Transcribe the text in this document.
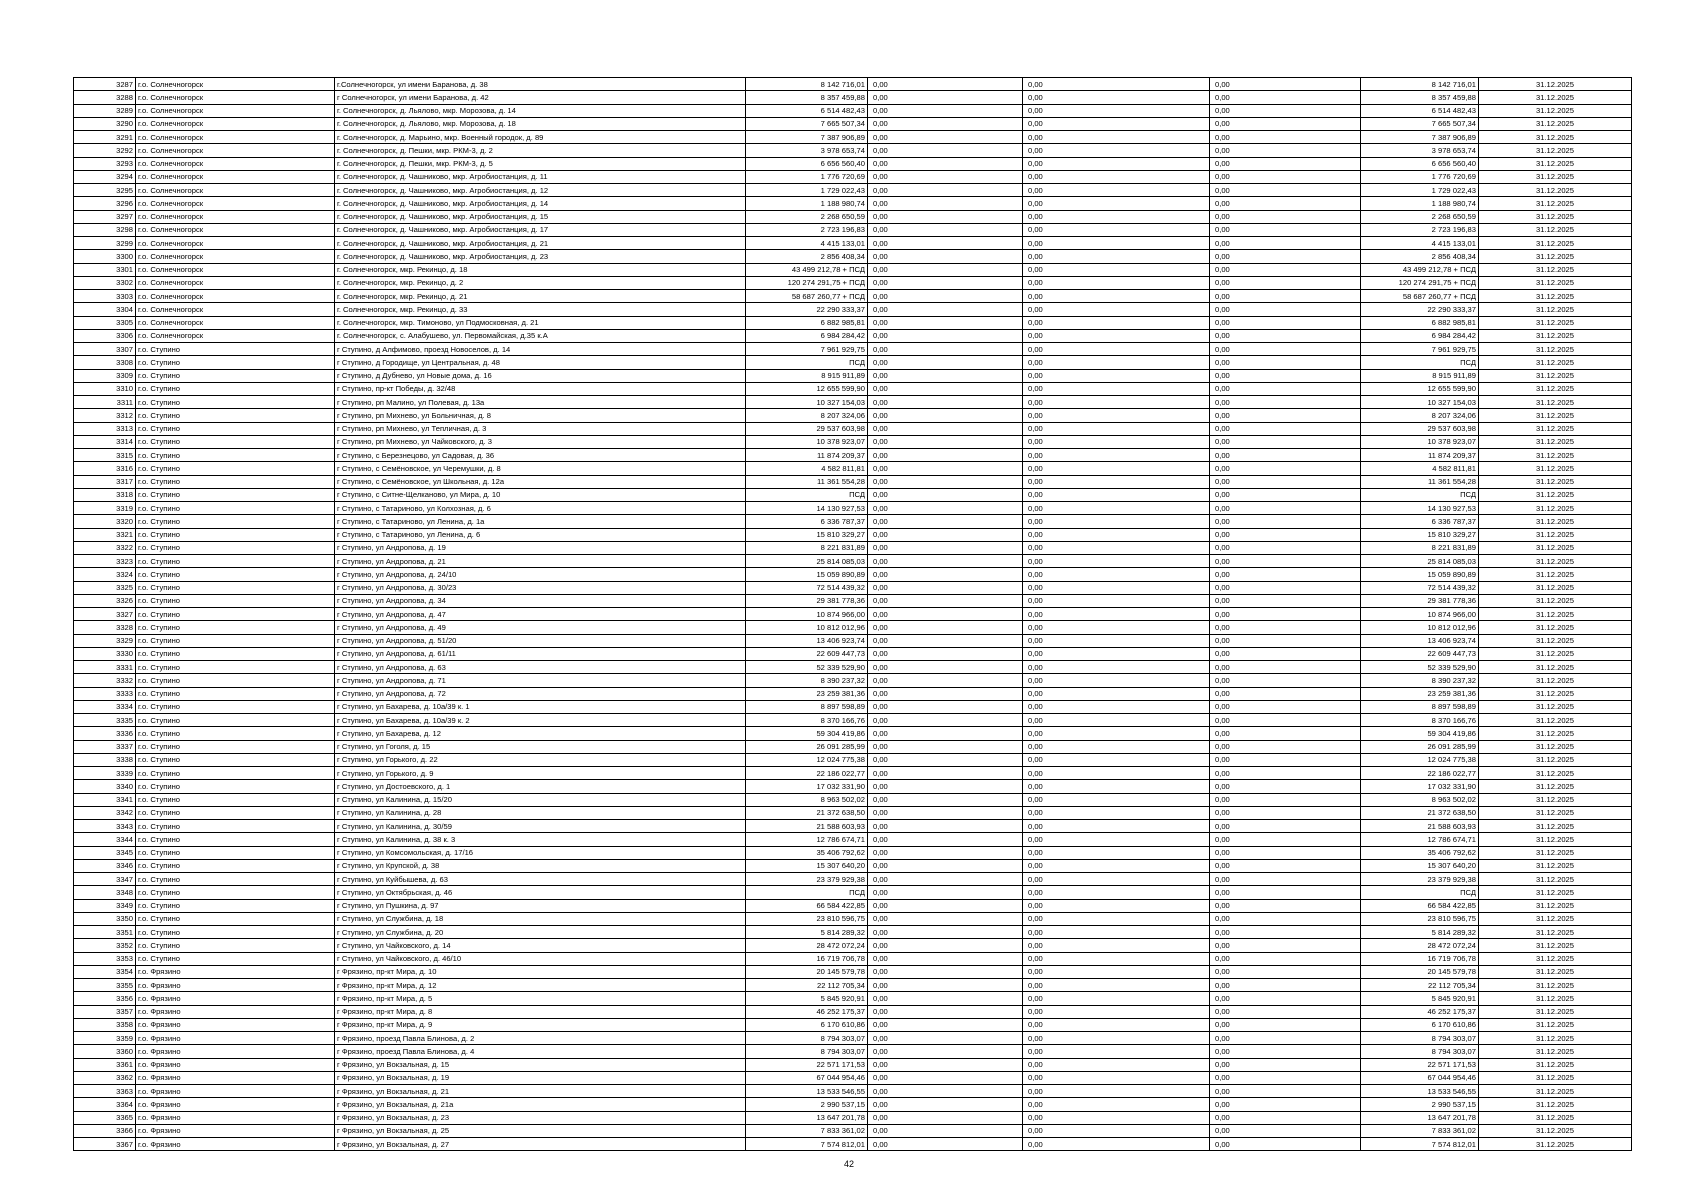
3287	г.о. Солнечногорск	г.Солнечногорск, ул имени Баранова, д. 38	8 142 716,01	0,00	0,00	0,00	8 142 716,01	31.12.2025
3288	г.о. Солнечногорск	г Солнечногорск, ул имени Баранова, д. 42	8 357 459,88	0,00	0,00	0,00	8 357 459,88	31.12.2025
3289	г.о. Солнечногорск	г. Солнечногорск, д. Льялово, мкр. Морозова, д. 14	6 514 482,43	0,00	0,00	0,00	6 514 482,43	31.12.2025
3290	г.о. Солнечногорск	г. Солнечногорск, д. Льялово, мкр. Морозова, д. 18	7 665 507,34	0,00	0,00	0,00	7 665 507,34	31.12.2025
3291	г.о. Солнечногорск	г. Солнечногорск, д. Марьино, мкр. Военный городок, д. 89	7 387 906,89	0,00	0,00	0,00	7 387 906,89	31.12.2025
3292	г.о. Солнечногорск	г. Солнечногорск, д. Пешки, мкр. РКМ-3, д. 2	3 978 653,74	0,00	0,00	0,00	3 978 653,74	31.12.2025
3293	г.о. Солнечногорск	г. Солнечногорск, д. Пешки, мкр. РКМ-3, д. 5	6 656 560,40	0,00	0,00	0,00	6 656 560,40	31.12.2025
3294	г.о. Солнечногорск	г. Солнечногорск, д. Чашниково, мкр. Агробиостанция, д. 11	1 776 720,69	0,00	0,00	0,00	1 776 720,69	31.12.2025
3295	г.о. Солнечногорск	г. Солнечногорск, д. Чашниково, мкр. Агробиостанция, д. 12	1 729 022,43	0,00	0,00	0,00	1 729 022,43	31.12.2025
3296	г.о. Солнечногорск	г. Солнечногорск, д. Чашниково, мкр. Агробиостанция, д. 14	1 188 980,74	0,00	0,00	0,00	1 188 980,74	31.12.2025
3297	г.о. Солнечногорск	г. Солнечногорск, д. Чашниково, мкр. Агробиостанция, д. 15	2 268 650,59	0,00	0,00	0,00	2 268 650,59	31.12.2025
3298	г.о. Солнечногорск	г. Солнечногорск, д. Чашниково, мкр. Агробиостанция, д. 17	2 723 196,83	0,00	0,00	0,00	2 723 196,83	31.12.2025
3299	г.о. Солнечногорск	г. Солнечногорск, д. Чашниково, мкр. Агробиостанция, д. 21	4 415 133,01	0,00	0,00	0,00	4 415 133,01	31.12.2025
3300	г.о. Солнечногорск	г. Солнечногорск, д. Чашниково, мкр. Агробиостанция, д. 23	2 856 408,34	0,00	0,00	0,00	2 856 408,34	31.12.2025
3301	г.о. Солнечногорск	г. Солнечногорск, мкр. Рекинцо, д. 18	43 499 212,78 + ПСД	0,00	0,00	0,00	43 499 212,78 + ПСД	31.12.2025
3302	г.о. Солнечногорск	г. Солнечногорск, мкр. Рекинцо, д. 2	120 274 291,75 + ПСД	0,00	0,00	0,00	120 274 291,75 + ПСД	31.12.2025
3303	г.о. Солнечногорск	г. Солнечногорск, мкр. Рекинцо, д. 21	58 687 260,77 + ПСД	0,00	0,00	0,00	58 687 260,77 + ПСД	31.12.2025
3304	г.о. Солнечногорск	г. Солнечногорск, мкр. Рекинцо, д. 33	22 290 333,37	0,00	0,00	0,00	22 290 333,37	31.12.2025
3305	г.о. Солнечногорск	г. Солнечногорск, мкр. Тимоново, ул Подмосковная, д. 21	6 882 985,81	0,00	0,00	0,00	6 882 985,81	31.12.2025
3306	г.о. Солнечногорск	г. Солнечногорск, с. Алабушево, ул. Первомайская, д.35 к.А	6 984 284,42	0,00	0,00	0,00	6 984 284,42	31.12.2025
3307	г.о. Ступино	г Ступино, д Алфимово, проезд Новоселов, д. 14	7 961 929,75	0,00	0,00	0,00	7 961 929,75	31.12.2025
3308	г.о. Ступино	г Ступино, д Городище, ул Центральная, д. 48	ПСД	0,00	0,00	0,00	ПСД	31.12.2025
3309	г.о. Ступино	г Ступино, д Дубнево, ул Новые дома, д. 16	8 915 911,89	0,00	0,00	0,00	8 915 911,89	31.12.2025
3310	г.о. Ступино	г Ступино, пр-кт Победы, д. 32/48	12 655 599,90	0,00	0,00	0,00	12 655 599,90	31.12.2025
3311	г.о. Ступино	г Ступино, рп Малино, ул Полевая, д. 13а	10 327 154,03	0,00	0,00	0,00	10 327 154,03	31.12.2025
3312	г.о. Ступино	г Ступино, рп Михнево, ул Больничная, д. 8	8 207 324,06	0,00	0,00	0,00	8 207 324,06	31.12.2025
3313	г.о. Ступино	г Ступино, рп Михнево, ул Тепличная, д. 3	29 537 603,98	0,00	0,00	0,00	29 537 603,98	31.12.2025
3314	г.о. Ступино	г Ступино, рп Михнево, ул Чайковского, д. 3	10 378 923,07	0,00	0,00	0,00	10 378 923,07	31.12.2025
3315	г.о. Ступино	г Ступино, с Березнецово, ул Садовая, д. 36	11 874 209,37	0,00	0,00	0,00	11 874 209,37	31.12.2025
3316	г.о. Ступино	г Ступино, с Семёновское, ул Черемушки, д. 8	4 582 811,81	0,00	0,00	0,00	4 582 811,81	31.12.2025
3317	г.о. Ступино	г Ступино, с Семёновское, ул Школьная, д. 12а	11 361 554,28	0,00	0,00	0,00	11 361 554,28	31.12.2025
3318	г.о. Ступино	г Ступино, с Ситне-Щелканово, ул Мира, д. 10	ПСД	0,00	0,00	0,00	ПСД	31.12.2025
3319	г.о. Ступино	г Ступино, с Татариново, ул Колхозная, д. 6	14 130 927,53	0,00	0,00	0,00	14 130 927,53	31.12.2025
3320	г.о. Ступино	г Ступино, с Татариново, ул Ленина, д. 1а	6 336 787,37	0,00	0,00	0,00	6 336 787,37	31.12.2025
3321	г.о. Ступино	г Ступино, с Татариново, ул Ленина, д. 6	15 810 329,27	0,00	0,00	0,00	15 810 329,27	31.12.2025
3322	г.о. Ступино	г Ступино, ул Андропова, д. 19	8 221 831,89	0,00	0,00	0,00	8 221 831,89	31.12.2025
3323	г.о. Ступино	г Ступино, ул Андропова, д. 21	25 814 085,03	0,00	0,00	0,00	25 814 085,03	31.12.2025
3324	г.о. Ступино	г Ступино, ул Андропова, д. 24/10	15 059 890,89	0,00	0,00	0,00	15 059 890,89	31.12.2025
3325	г.о. Ступино	г Ступино, ул Андропова, д. 30/23	72 514 439,32	0,00	0,00	0,00	72 514 439,32	31.12.2025
3326	г.о. Ступино	г Ступино, ул Андропова, д. 34	29 381 778,36	0,00	0,00	0,00	29 381 778,36	31.12.2025
3327	г.о. Ступино	г Ступино, ул Андропова, д. 47	10 874 966,00	0,00	0,00	0,00	10 874 966,00	31.12.2025
3328	г.о. Ступино	г Ступино, ул Андропова, д. 49	10 812 012,96	0,00	0,00	0,00	10 812 012,96	31.12.2025
3329	г.о. Ступино	г Ступино, ул Андропова, д. 51/20	13 406 923,74	0,00	0,00	0,00	13 406 923,74	31.12.2025
3330	г.о. Ступино	г Ступино, ул Андропова, д. 61/11	22 609 447,73	0,00	0,00	0,00	22 609 447,73	31.12.2025
3331	г.о. Ступино	г Ступино, ул Андропова, д. 63	52 339 529,90	0,00	0,00	0,00	52 339 529,90	31.12.2025
3332	г.о. Ступино	г Ступино, ул Андропова, д. 71	8 390 237,32	0,00	0,00	0,00	8 390 237,32	31.12.2025
3333	г.о. Ступино	г Ступино, ул Андропова, д. 72	23 259 381,36	0,00	0,00	0,00	23 259 381,36	31.12.2025
3334	г.о. Ступино	г Ступино, ул Бахарева, д. 10а/39 к. 1	8 897 598,89	0,00	0,00	0,00	8 897 598,89	31.12.2025
3335	г.о. Ступино	г Ступино, ул Бахарева, д. 10а/39 к. 2	8 370 166,76	0,00	0,00	0,00	8 370 166,76	31.12.2025
3336	г.о. Ступино	г Ступино, ул Бахарева, д. 12	59 304 419,86	0,00	0,00	0,00	59 304 419,86	31.12.2025
3337	г.о. Ступино	г Ступино, ул Гоголя, д. 15	26 091 285,99	0,00	0,00	0,00	26 091 285,99	31.12.2025
3338	г.о. Ступино	г Ступино, ул Горького, д. 22	12 024 775,38	0,00	0,00	0,00	12 024 775,38	31.12.2025
3339	г.о. Ступино	г Ступино, ул Горького, д. 9	22 186 022,77	0,00	0,00	0,00	22 186 022,77	31.12.2025
3340	г.о. Ступино	г Ступино, ул Достоевского, д. 1	17 032 331,90	0,00	0,00	0,00	17 032 331,90	31.12.2025
3341	г.о. Ступино	г Ступино, ул Калинина, д. 15/20	8 963 502,02	0,00	0,00	0,00	8 963 502,02	31.12.2025
3342	г.о. Ступино	г Ступино, ул Калинина, д. 28	21 372 638,50	0,00	0,00	0,00	21 372 638,50	31.12.2025
3343	г.о. Ступино	г Ступино, ул Калинина, д. 30/59	21 588 603,93	0,00	0,00	0,00	21 588 603,93	31.12.2025
3344	г.о. Ступино	г Ступино, ул Калинина, д. 38 к. 3	12 786 674,71	0,00	0,00	0,00	12 786 674,71	31.12.2025
3345	г.о. Ступино	г Ступино, ул Комсомольская, д. 17/16	35 406 792,62	0,00	0,00	0,00	35 406 792,62	31.12.2025
3346	г.о. Ступино	г Ступино, ул Крупской, д. 38	15 307 640,20	0,00	0,00	0,00	15 307 640,20	31.12.2025
3347	г.о. Ступино	г Ступино, ул Куйбышева, д. 63	23 379 929,38	0,00	0,00	0,00	23 379 929,38	31.12.2025
3348	г.о. Ступино	г Ступино, ул Октябрьская, д. 46	ПСД	0,00	0,00	0,00	ПСД	31.12.2025
3349	г.о. Ступино	г Ступино, ул Пушкина, д. 97	66 584 422,85	0,00	0,00	0,00	66 584 422,85	31.12.2025
3350	г.о. Ступино	г Ступино, ул Службина, д. 18	23 810 596,75	0,00	0,00	0,00	23 810 596,75	31.12.2025
3351	г.о. Ступино	г Ступино, ул Службина, д. 20	5 814 289,32	0,00	0,00	0,00	5 814 289,32	31.12.2025
3352	г.о. Ступино	г Ступино, ул Чайковского, д. 14	28 472 072,24	0,00	0,00	0,00	28 472 072,24	31.12.2025
3353	г.о. Ступино	г Ступино, ул Чайковского, д. 46/10	16 719 706,78	0,00	0,00	0,00	16 719 706,78	31.12.2025
3354	г.о. Фрязино	г Фрязино, пр-кт Мира, д. 10	20 145 579,78	0,00	0,00	0,00	20 145 579,78	31.12.2025
3355	г.о. Фрязино	г Фрязино, пр-кт Мира, д. 12	22 112 705,34	0,00	0,00	0,00	22 112 705,34	31.12.2025
3356	г.о. Фрязино	г Фрязино, пр-кт Мира, д. 5	5 845 920,91	0,00	0,00	0,00	5 845 920,91	31.12.2025
3357	г.о. Фрязино	г Фрязино, пр-кт Мира, д. 8	46 252 175,37	0,00	0,00	0,00	46 252 175,37	31.12.2025
3358	г.о. Фрязино	г Фрязино, пр-кт Мира, д. 9	6 170 610,86	0,00	0,00	0,00	6 170 610,86	31.12.2025
3359	г.о. Фрязино	г Фрязино, проезд Павла Блинова, д. 2	8 794 303,07	0,00	0,00	0,00	8 794 303,07	31.12.2025
3360	г.о. Фрязино	г Фрязино, проезд Павла Блинова, д. 4	8 794 303,07	0,00	0,00	0,00	8 794 303,07	31.12.2025
3361	г.о. Фрязино	г Фрязино, ул Вокзальная, д. 15	22 571 171,53	0,00	0,00	0,00	22 571 171,53	31.12.2025
3362	г.о. Фрязино	г Фрязино, ул Вокзальная, д. 19	67 044 954,46	0,00	0,00	0,00	67 044 954,46	31.12.2025
3363	г.о. Фрязино	г Фрязино, ул Вокзальная, д. 21	13 533 546,55	0,00	0,00	0,00	13 533 546,55	31.12.2025
3364	г.о. Фрязино	г Фрязино, ул Вокзальная, д. 21а	2 990 537,15	0,00	0,00	0,00	2 990 537,15	31.12.2025
3365	г.о. Фрязино	г Фрязино, ул Вокзальная, д. 23	13 647 201,78	0,00	0,00	0,00	13 647 201,78	31.12.2025
3366	г.о. Фрязино	г Фрязино, ул Вокзальная, д. 25	7 833 361,02	0,00	0,00	0,00	7 833 361,02	31.12.2025
3367	г.о. Фрязино	г Фрязино, ул Вокзальная, д. 27	7 574 812,01	0,00	0,00	0,00	7 574 812,01	31.12.2025
42
